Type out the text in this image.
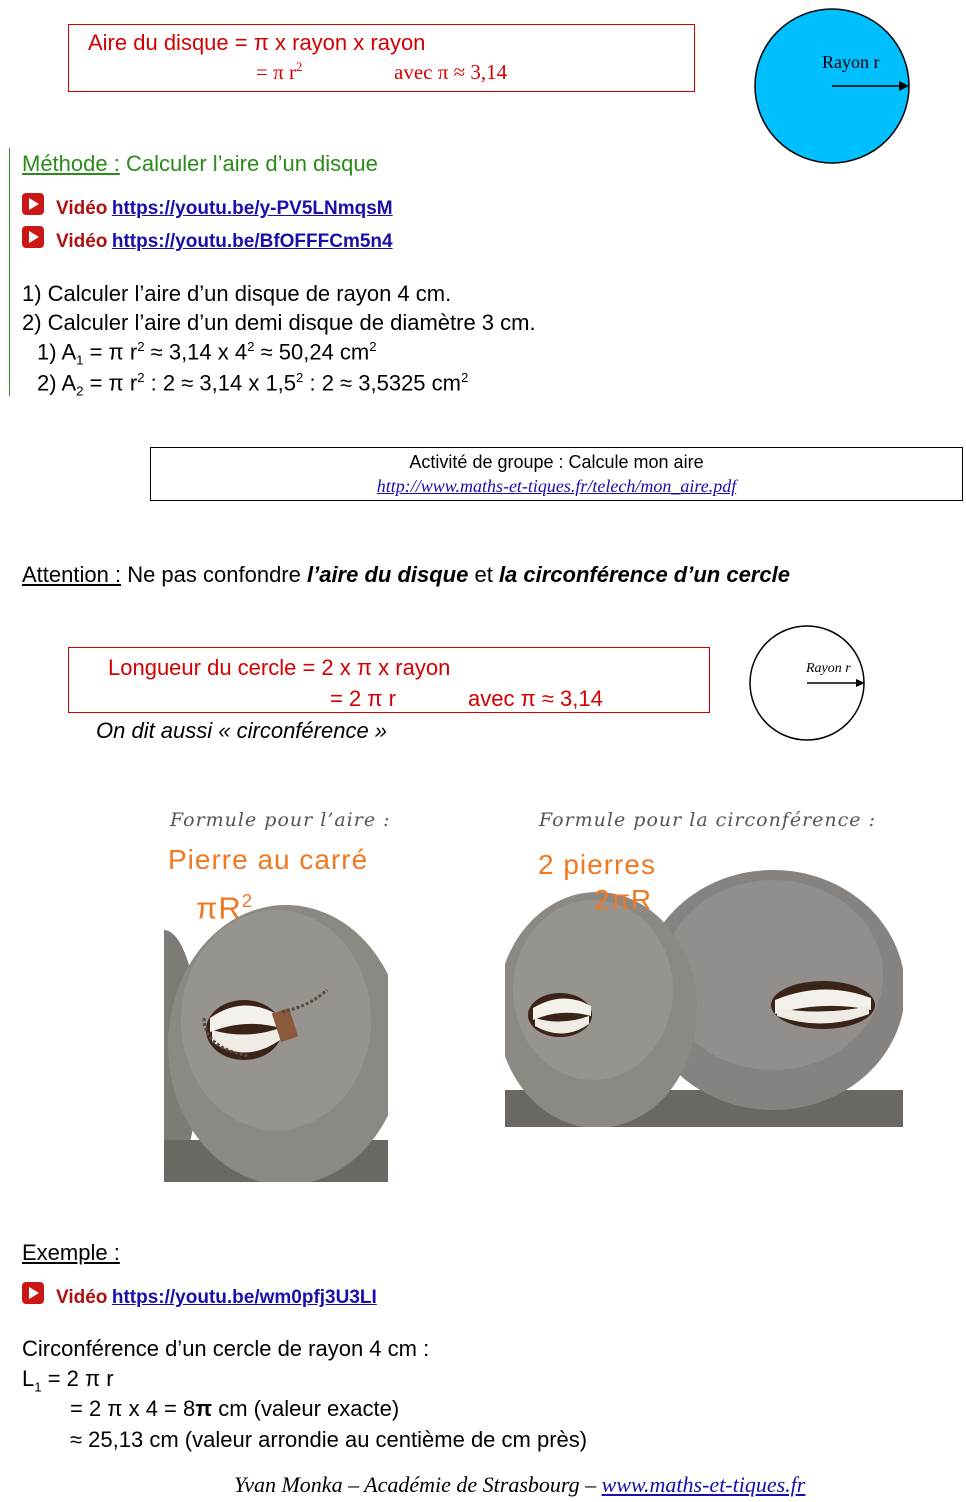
Aire du disque = π x rayon x rayon
= π $r^2$	avec π ≈ 3,14	Rayon r
Méthode : Calculer l’aire d’un disque
Vidéo https://youtu.be/y-PV5LNmqsM
Vidéo https://youtu.be/BfOFFFCm5n4
1) Calculer l’aire d’un disque de rayon 4 cm.
2) Calculer l’aire d’un demi disque de diamètre 3 cm.
1) $A_1 = \pi$ $r^2 \approx 3,14$ x $4^2 \approx 50,24$ $cm^2$
2) $A_2 = \pi$ $r^2$ : 2 ≈ 3,14 x $1,5^2$ : 2 ≈ 3,5325 $cm^2$
Activité de groupe : Calcule mon aire
http://www.maths-et-tiques.fr/telech/mon_aire.pdf
Attention : Ne pas confondre l’aire du disque et la circonférence d’un cercle
Longueur du cercle = 2 x π x rayon
= 2 π r	avec π ≈ 3,14
On dit aussi « circonférence »
Rayon r
Formule pour l’aire :	Formule pour la circonférence :
Pierre au carré
$\pi R^2$
2 pierres
2πR
Exemple :
Vidéo https://youtu.be/wm0pfj3U3LI
Circonférence d’un cercle de rayon 4 cm :
$L_1 = 2$ π r
= 2 π x 4 = 8π cm (valeur exacte)
≈ 25,13 cm (valeur arrondie au centième de cm près)
Yvan Monka – Académie de Strasbourg – www.maths-et-tiques.fr
